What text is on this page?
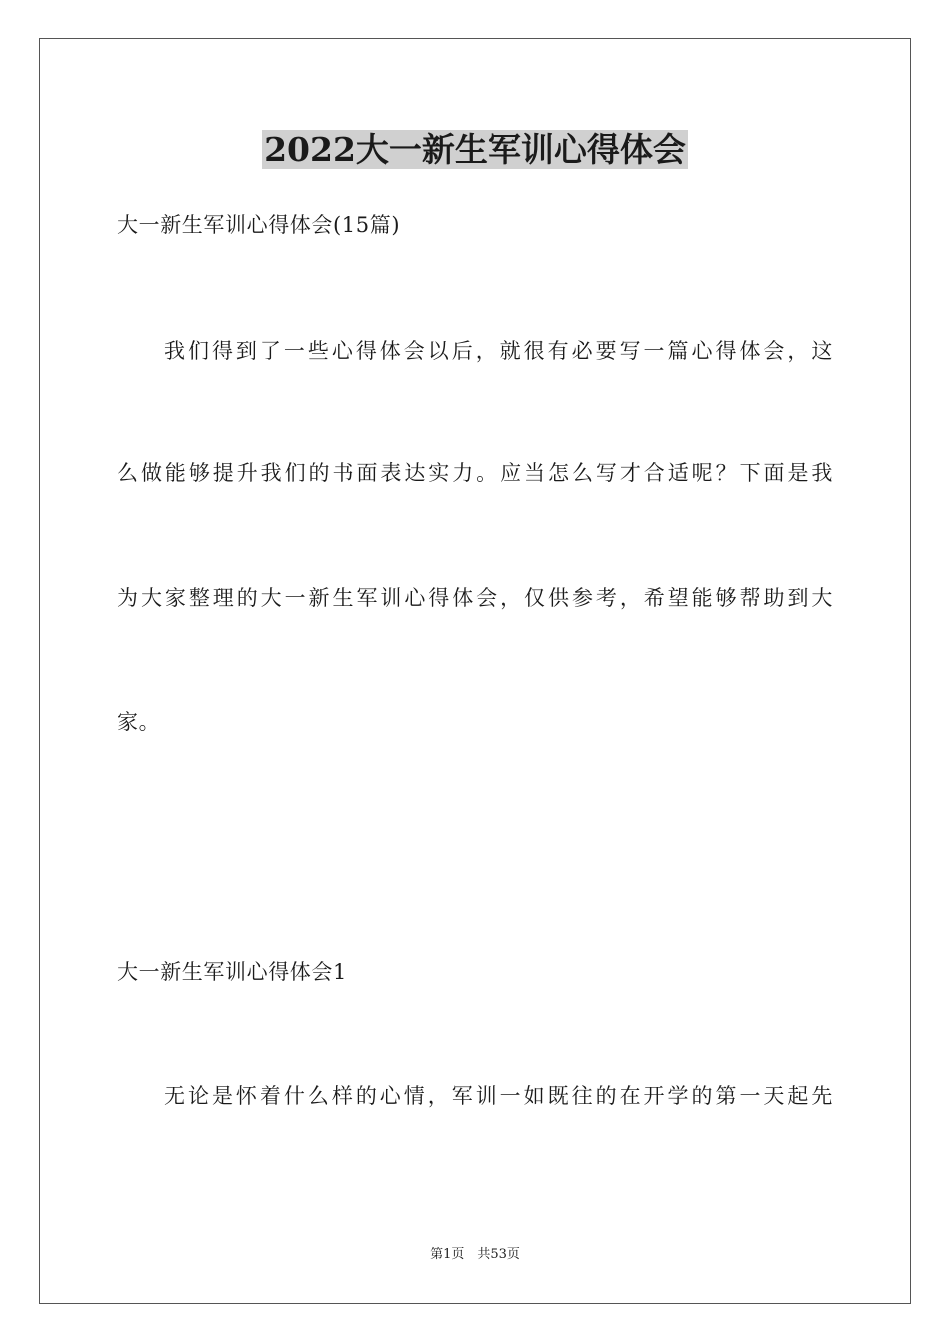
2022大一新生军训心得体会
大一新生军训心得体会(15篇)
我们得到了一些心得体会以后，就很有必要写一篇心得体会，这
么做能够提升我们的书面表达实力。应当怎么写才合适呢？下面是我
为大家整理的大一新生军训心得体会，仅供参考，希望能够帮助到大
家。
大一新生军训心得体会1
无论是怀着什么样的心情，军训一如既往的在开学的第一天起先
第1页　共53页
